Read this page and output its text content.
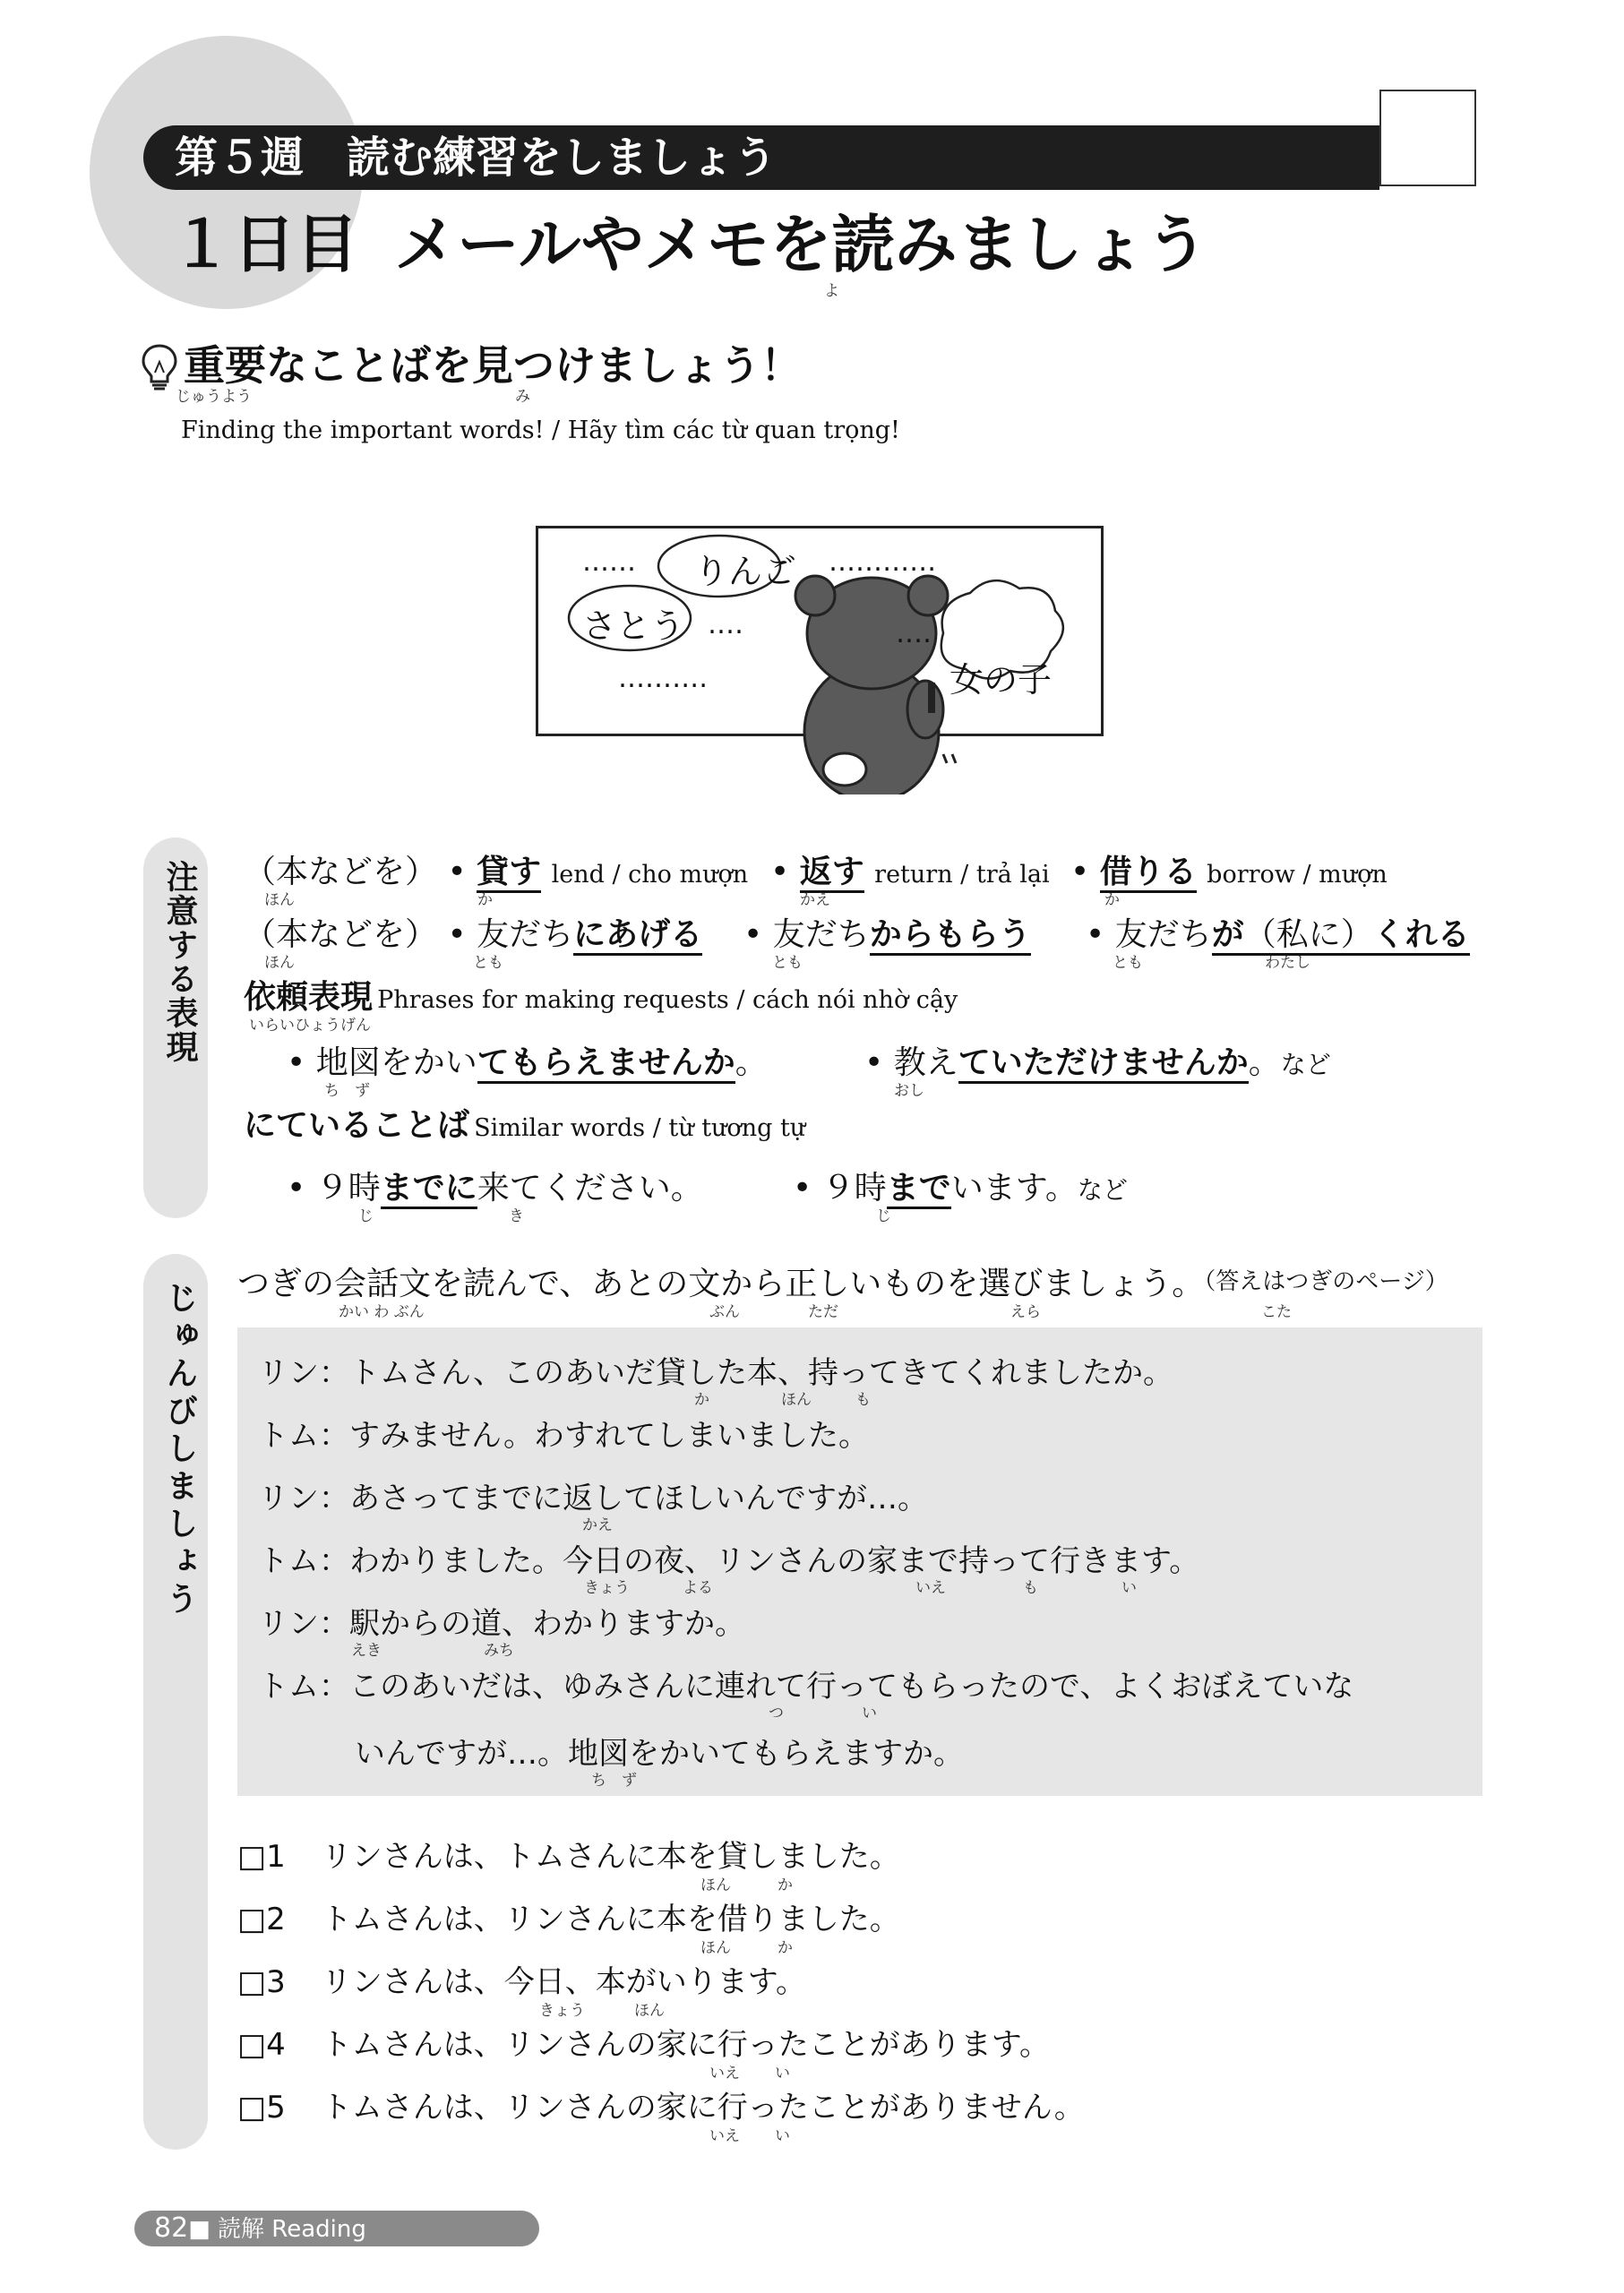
第５週　読む練習をしましょう
１日目 メールやメモを読みましょう
よ
重要なことばを見つけましょう！
じゅうよう	み
Finding the important words! / Hãy tìm các từ quan trọng!
りんご
さとう
女の子
‥‥‥	‥‥‥‥‥‥
‥‥
‥‥‥‥‥
‥‥
注意する表現 （本などを） • 貸す lend / cho mượn • 返す return / trả lại • 借りる borrow / mượn
ほん	か	かえ	か
（本などを） • 友だちにあげる • 友だちからもらう • 友だちが（私に）くれる
ほん	とも	とも	とも	わたし
依頼表現 Phrases for making requests / cách nói nhờ cậy
いらいひょうげん
• 地図をかいてもらえませんか。
ち　ず
• 教えていただけませんか。など
おし
にていることば Similar words / từ tương tự
• ９時までに来てください。
じ	き
• ９時までいます。など
じ
じゅんびしましょう つぎの会話文を読んで、あとの文から正しいものを選びましょう。（答えはつぎのページ）
かい わ ぶん	ぶん	ただ	えら	こた
リン：トムさん、このあいだ貸した本、持ってきてくれましたか。
か	ほん	も
トム：すみません。わすれてしまいました。
リン：あさってまでに返してほしいんですが…。
かえ
トム：わかりました。今日の夜、リンさんの家まで持って行きます。
きょう	よる	いえ	も	い
リン：駅からの道、わかりますか。
えき	みち
トム：このあいだは、ゆみさんに連れて行ってもらったので、よくおぼえていな
つ	い
いんですが…。地図をかいてもらえますか。
ち　ず
□1 リンさんは、トムさんに本を貸しました。
ほん	か
□2 トムさんは、リンさんに本を借りました。
ほん	か
□3 リンさんは、今日、本がいります。
きょう	ほん
□4 トムさんは、リンさんの家に行ったことがあります。
いえ い
□5 トムさんは、リンさんの家に行ったことがありません。
いえ い
82■ 読解 Reading
